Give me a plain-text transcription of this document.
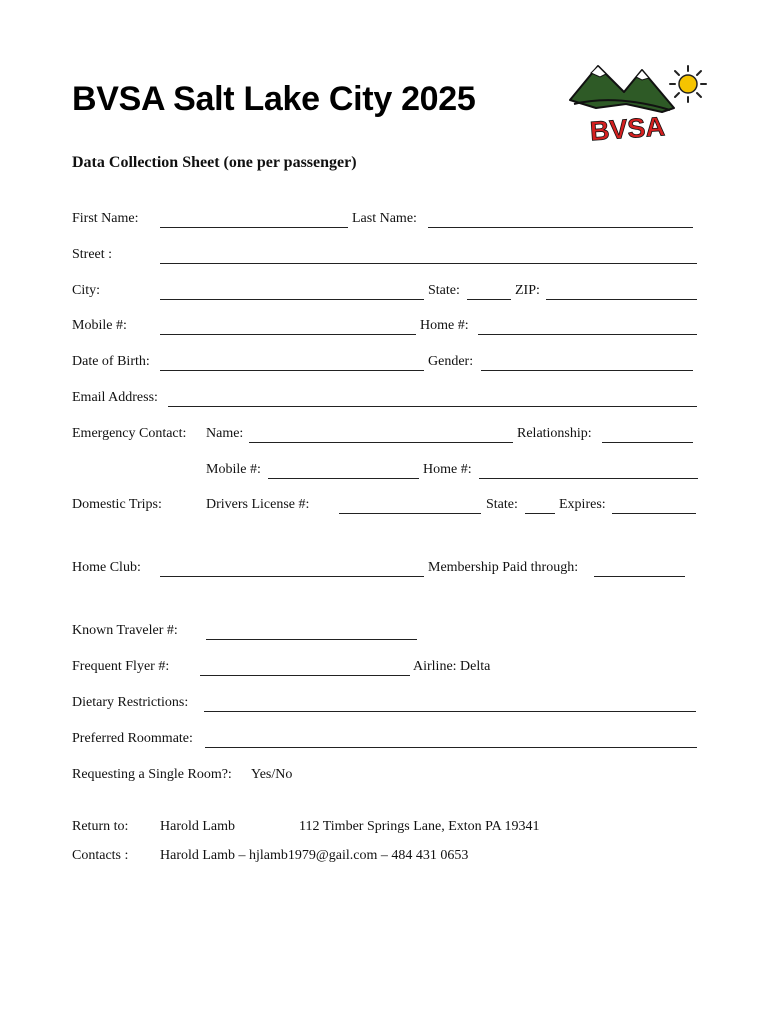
BVSA Salt Lake City 2025
BVSA
Data Collection Sheet (one per passenger)
First Name:	Last Name:
Street :
City:	State:	ZIP:
Mobile #:	Home #:
Date of Birth:	Gender:
Email Address:
Emergency Contact: Name:	Relationship:
Mobile #:	Home #:
Domestic Trips:	Drivers License #:	State:	Expires:
Home Club:	Membership Paid through:
Known Traveler #:
Frequent Flyer #:	Airline: Delta
Dietary Restrictions:
Preferred Roommate:
Requesting a Single Room?: Yes/No
Return to: Harold Lamb	112 Timber Springs Lane, Exton PA 19341
Contacts : Harold Lamb – hjlamb1979@gail.com – 484 431 0653
